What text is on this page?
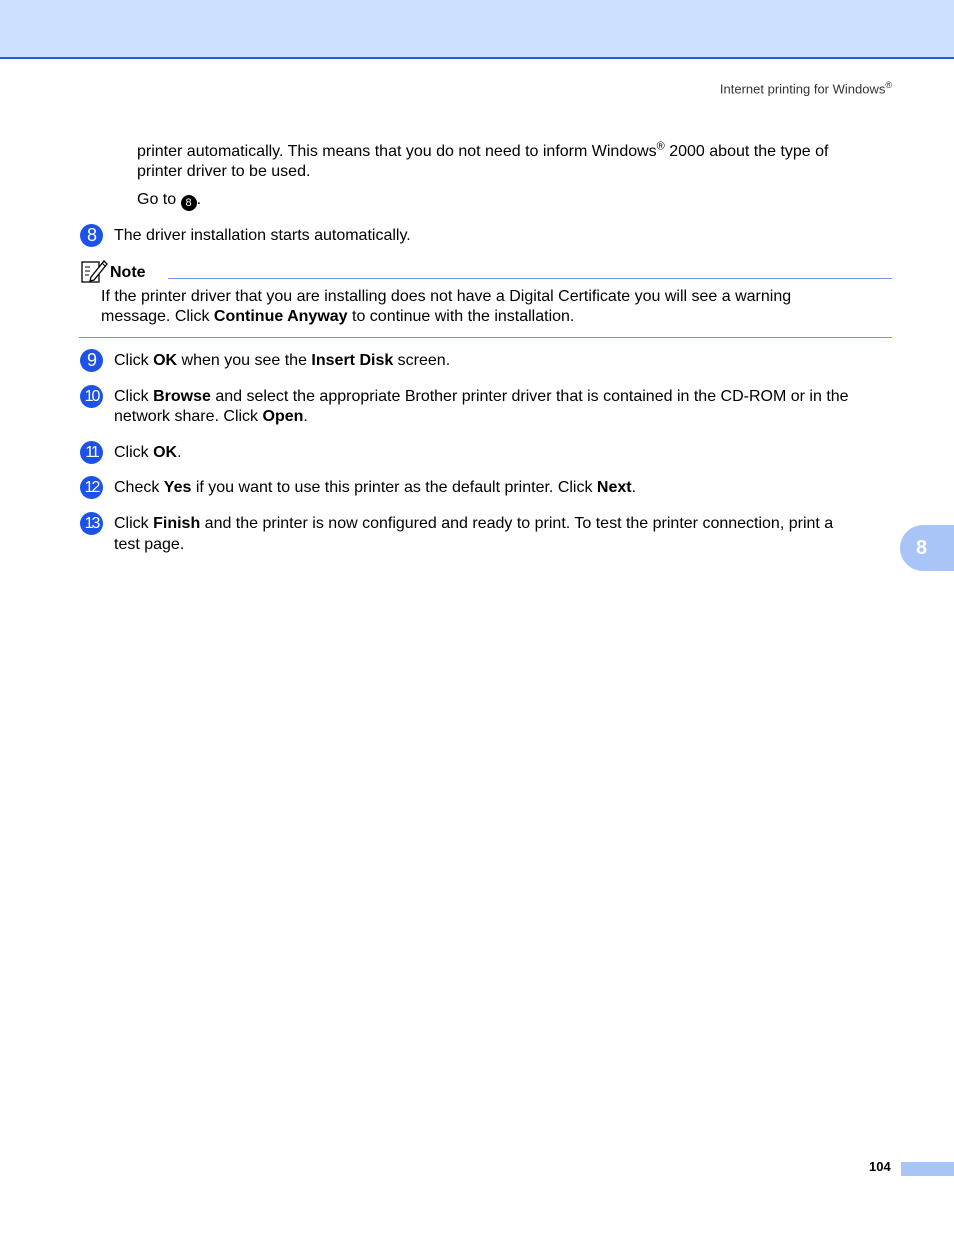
Internet printing for Windows®
printer automatically. This means that you do not need to inform Windows® 2000 about the type of
printer driver to be used.
Go to 8 .
8	The driver installation starts automatically.
Note
If the printer driver that you are installing does not have a Digital Certificate you will see a warning
message. Click Continue Anyway to continue with the installation.
9	Click OK when you see the Insert Disk screen.
10 Click Browse and select the appropriate Brother printer driver that is contained in the CD-ROM or in the
network share. Click Open.
11	Click OK.
12 Check Yes if you want to use this printer as the default printer. Click Next.
13 Click Finish and the printer is now configured and ready to print. To test the printer connection, print a
test page.	8
104
